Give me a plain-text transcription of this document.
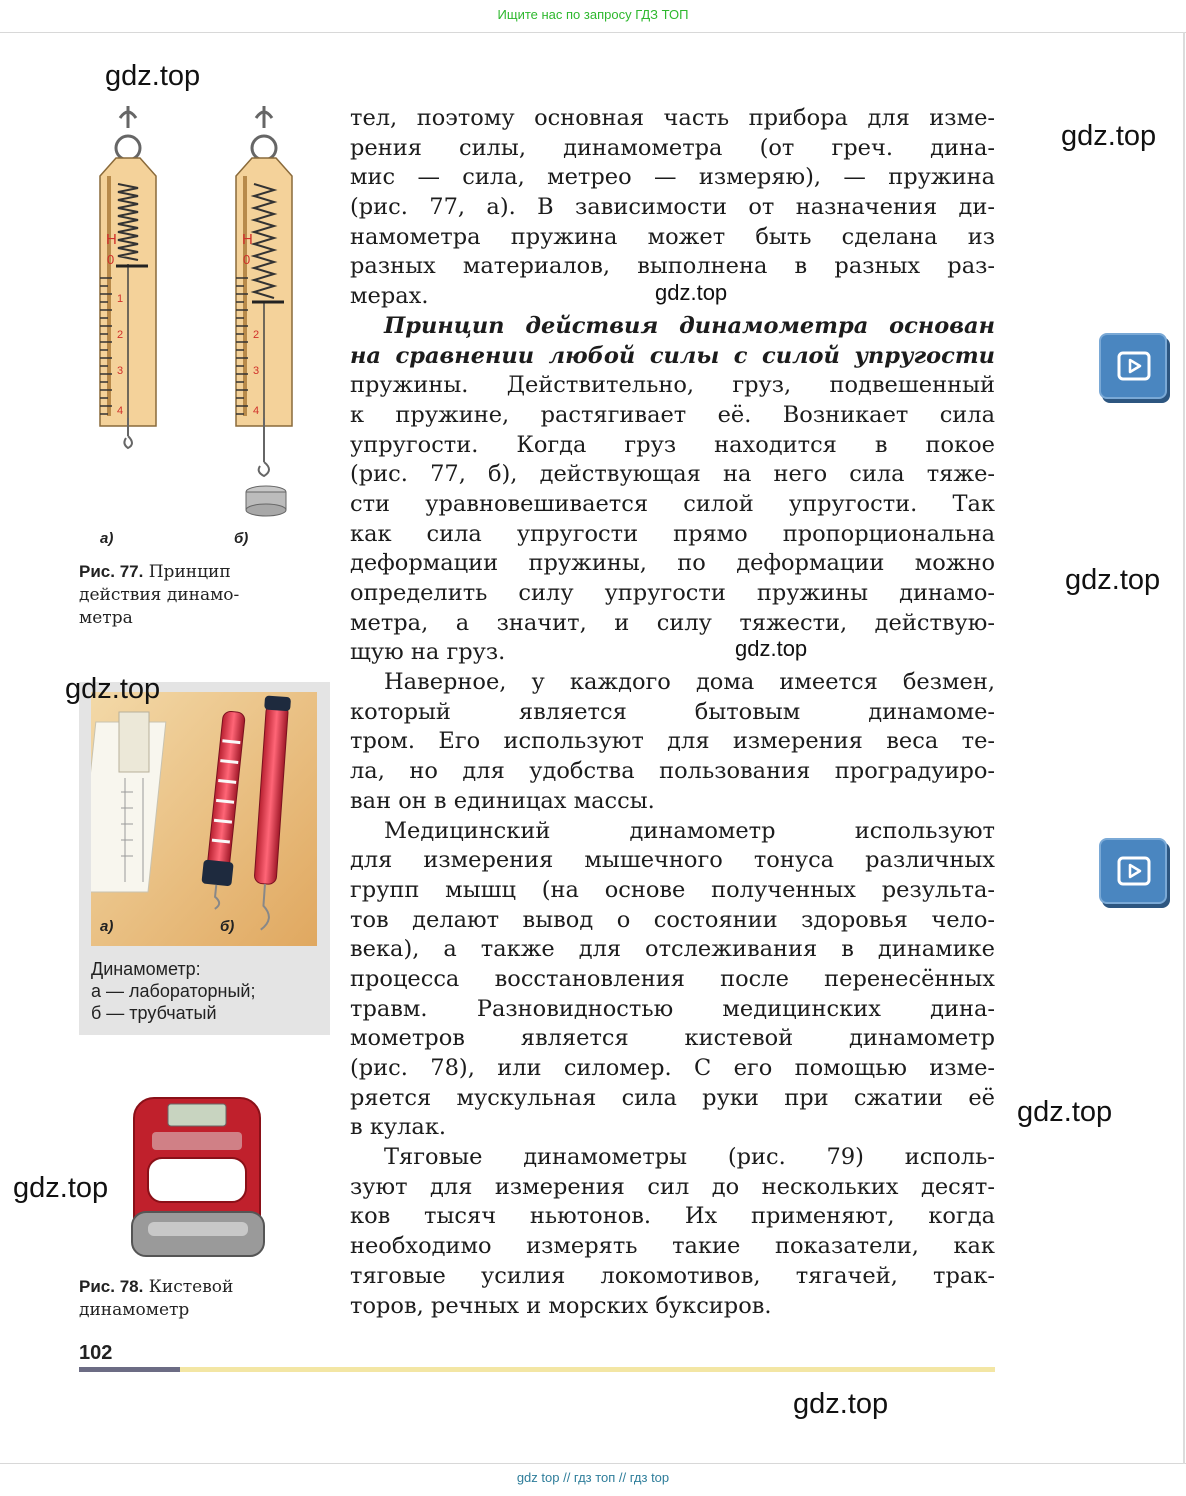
Ищите нас по запросу ГДЗ ТОП
Н
0
1
2
3
4
Н
0
2
3
4
а)	б)
Рис. 77. Принцип
действия динамо-
метра
а)	б)
Динамометр:
а — лабораторный;
б — трубчатый
Рис. 78. Кистевой
динамометр
тел, поэтому основная часть прибора для изме-
рения силы, динамометра (от греч. дина-
мис — сила, метрео — измеряю), — пружина
(рис. 77, а). В зависимости от назначения ди-
намометра пружина может быть сделана из
разных материалов, выполнена в разных раз-
мерах.
Принцип действия динамометра основан
на сравнении любой силы с силой упругости
пружины. Действительно, груз, подвешенный
к пружине, растягивает её. Возникает сила
упругости. Когда груз находится в покое
(рис. 77, б), действующая на него сила тяже-
сти уравновешивается силой упругости. Так
как сила упругости прямо пропорциональна
деформации пружины, по деформации можно
определить силу упругости пружины динамо-
метра, а значит, и силу тяжести, действую-
щую на груз.
Наверное, у каждого дома имеется безмен,
который является бытовым динамоме-
тром. Его используют для измерения веса те-
ла, но для удобства пользования проградуиро-
ван он в единицах массы.
Медицинский динамометр используют
для измерения мышечного тонуса различных
групп мышц (на основе полученных результа-
тов делают вывод о состоянии здоровья чело-
века), а также для отслеживания в динамике
процесса восстановления после перенесённых
травм. Разновидностью медицинских дина-
мометров является кистевой динамометр
(рис. 78), или силомер. С его помощью изме-
ряется мускульная сила руки при сжатии её
в кулак.
Тяговые динамометры (рис. 79) исполь-
зуют для измерения сил до нескольких десят-
ков тысяч ньютонов. Их применяют, когда
необходимо измерять такие показатели, как
тяговые усилия локомотивов, тягачей, трак-
торов, речных и морских буксиров.
102
gdz.top
gdz.top
gdz.top
gdz.top
gdz.top
gdz.top
gdz.top
gdz.top
gdz.top
gdz top // гдз топ // гдз top
